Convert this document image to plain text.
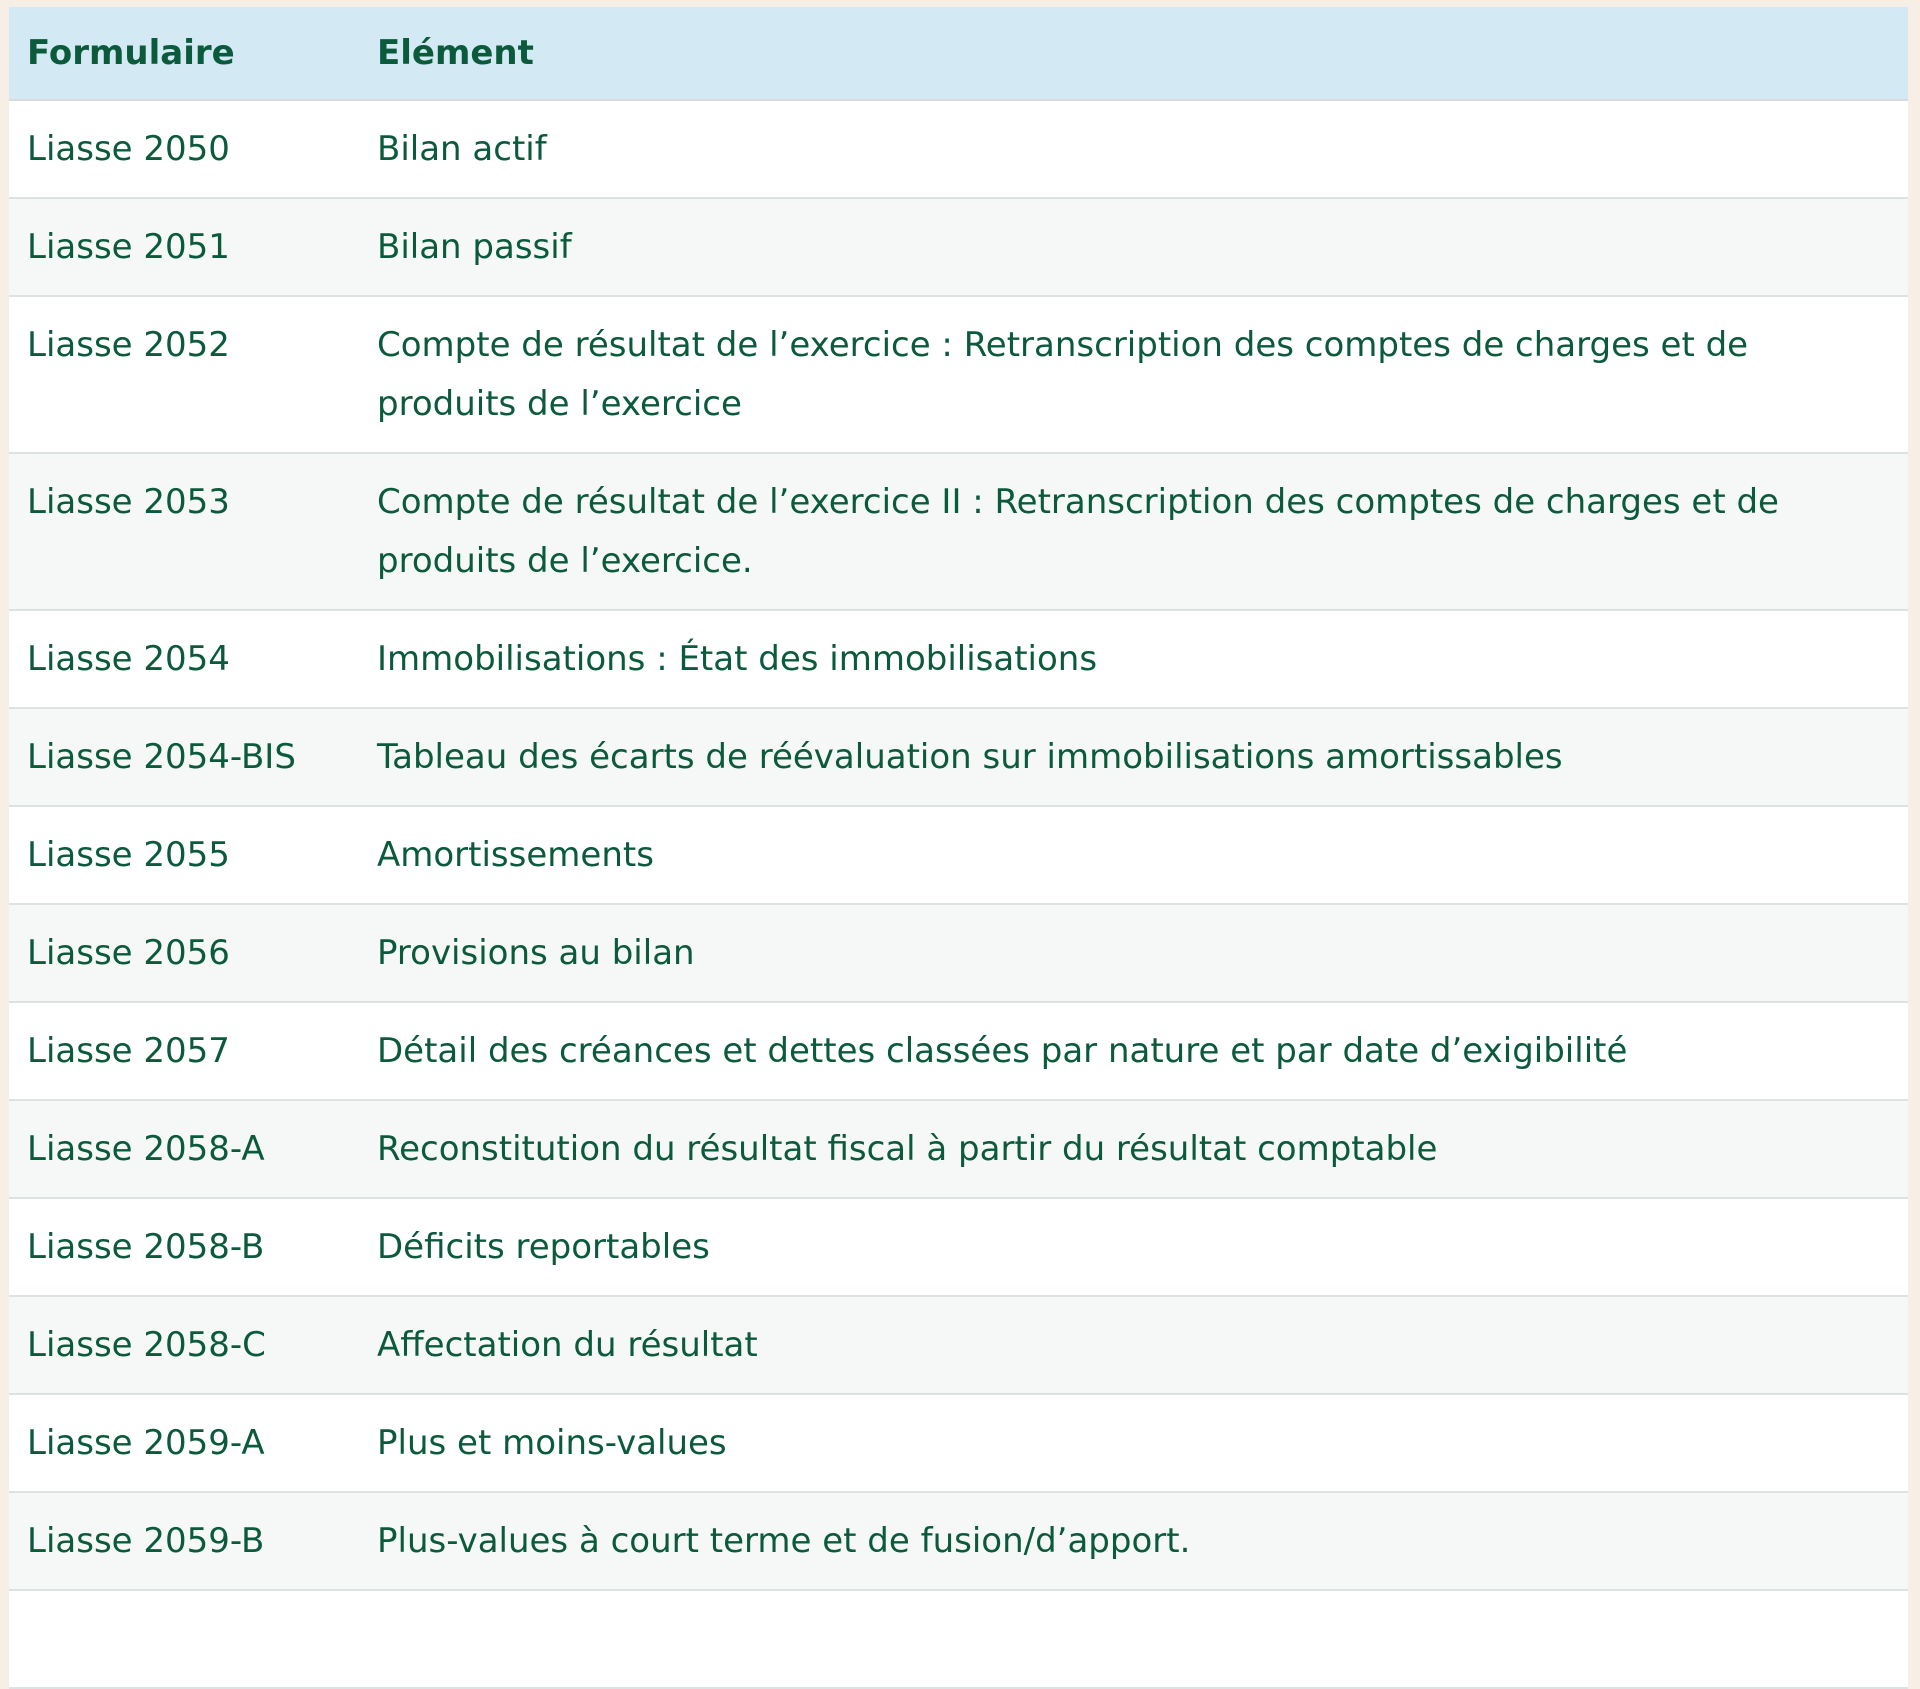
Formulaire	Elément
Liasse 2050	Bilan actif
Liasse 2051	Bilan passif
Liasse 2052	Compte de résultat de l’exercice : Retranscription des comptes de charges et de produits de l’exercice
Liasse 2053	Compte de résultat de l’exercice II : Retranscription des comptes de charges et de produits de l’exercice.
Liasse 2054	Immobilisations : État des immobilisations
Liasse 2054-BIS	Tableau des écarts de réévaluation sur immobilisations amortissables
Liasse 2055	Amortissements
Liasse 2056	Provisions au bilan
Liasse 2057	Détail des créances et dettes classées par nature et par date d’exigibilité
Liasse 2058-A	Reconstitution du résultat fiscal à partir du résultat comptable
Liasse 2058-B	Déficits reportables
Liasse 2058-C	Affectation du résultat
Liasse 2059-A	Plus et moins-values
Liasse 2059-B	Plus-values à court terme et de fusion/d’apport.
